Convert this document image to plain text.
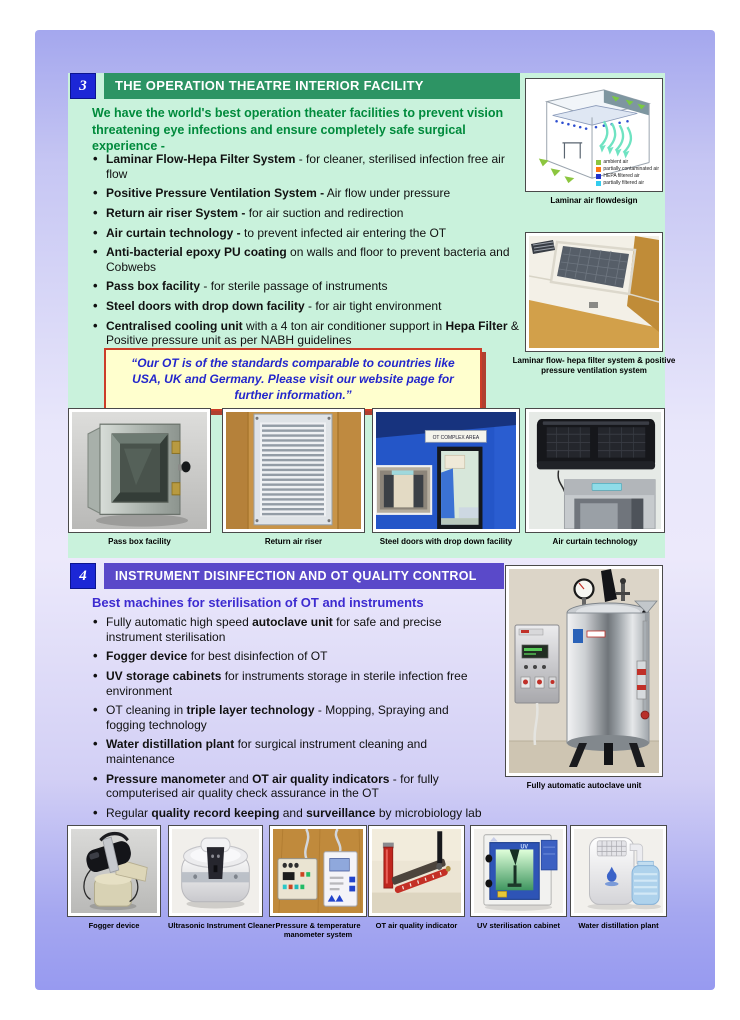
3	THE OPERATION THEATRE INTERIOR FACILITY
We have the world's best operation theater facilities to prevent vision threatening eye infections and ensure completely safe surgical experience -
• Laminar Flow-Hepa Filter System - for cleaner, sterilised infection free air flow
• Positive Pressure Ventilation System - Air flow under pressure
• Return air riser System - for air suction and redirection
• Air curtain technology - to prevent infected air entering the OT
• Anti-bacterial epoxy PU coating on walls and floor to prevent bacteria and Cobwebs
• Pass box facility - for sterile passage of instruments
• Steel doors with drop down facility - for air tight environment
• Centralised cooling unit with a 4 ton air conditioner support in Hepa Filter & Positive pressure unit as per NABH guidelines
“Our OT is of the standards comparable to countries like USA, UK and Germany. Please visit our website page for further information.”
ambient air
partially contaminated air
HEPA filtered air
partially filtered air
Laminar air flowdesign
Laminar flow- hepa filter system & positive pressure ventilation system
Pass box facility	Return air riser
OT COMPLEX AREA
Steel doors with drop down facility	Air curtain technology
4	INSTRUMENT DISINFECTION AND OT QUALITY CONTROL
Best machines for sterilisation of OT and instruments
• Fully automatic high speed autoclave unit for safe and precise instrument sterilisation
• Fogger device for best disinfection of OT
• UV storage cabinets for instruments storage in sterile infection free environment
• OT cleaning in triple layer technology - Mopping, Spraying and fogging technology
• Water distillation plant for surgical instrument cleaning and maintenance
• Pressure manometer and OT air quality indicators - for fully computerised air quality check assurance in the OT
• Regular quality record keeping and surveillance by microbiology lab
Fully automatic autoclave unit
Fogger device	Ultrasonic Instrument Cleaner Pressure & temperature manometer system
OT air quality indicator
UV
UV sterilisation cabinet	Water distillation plant
